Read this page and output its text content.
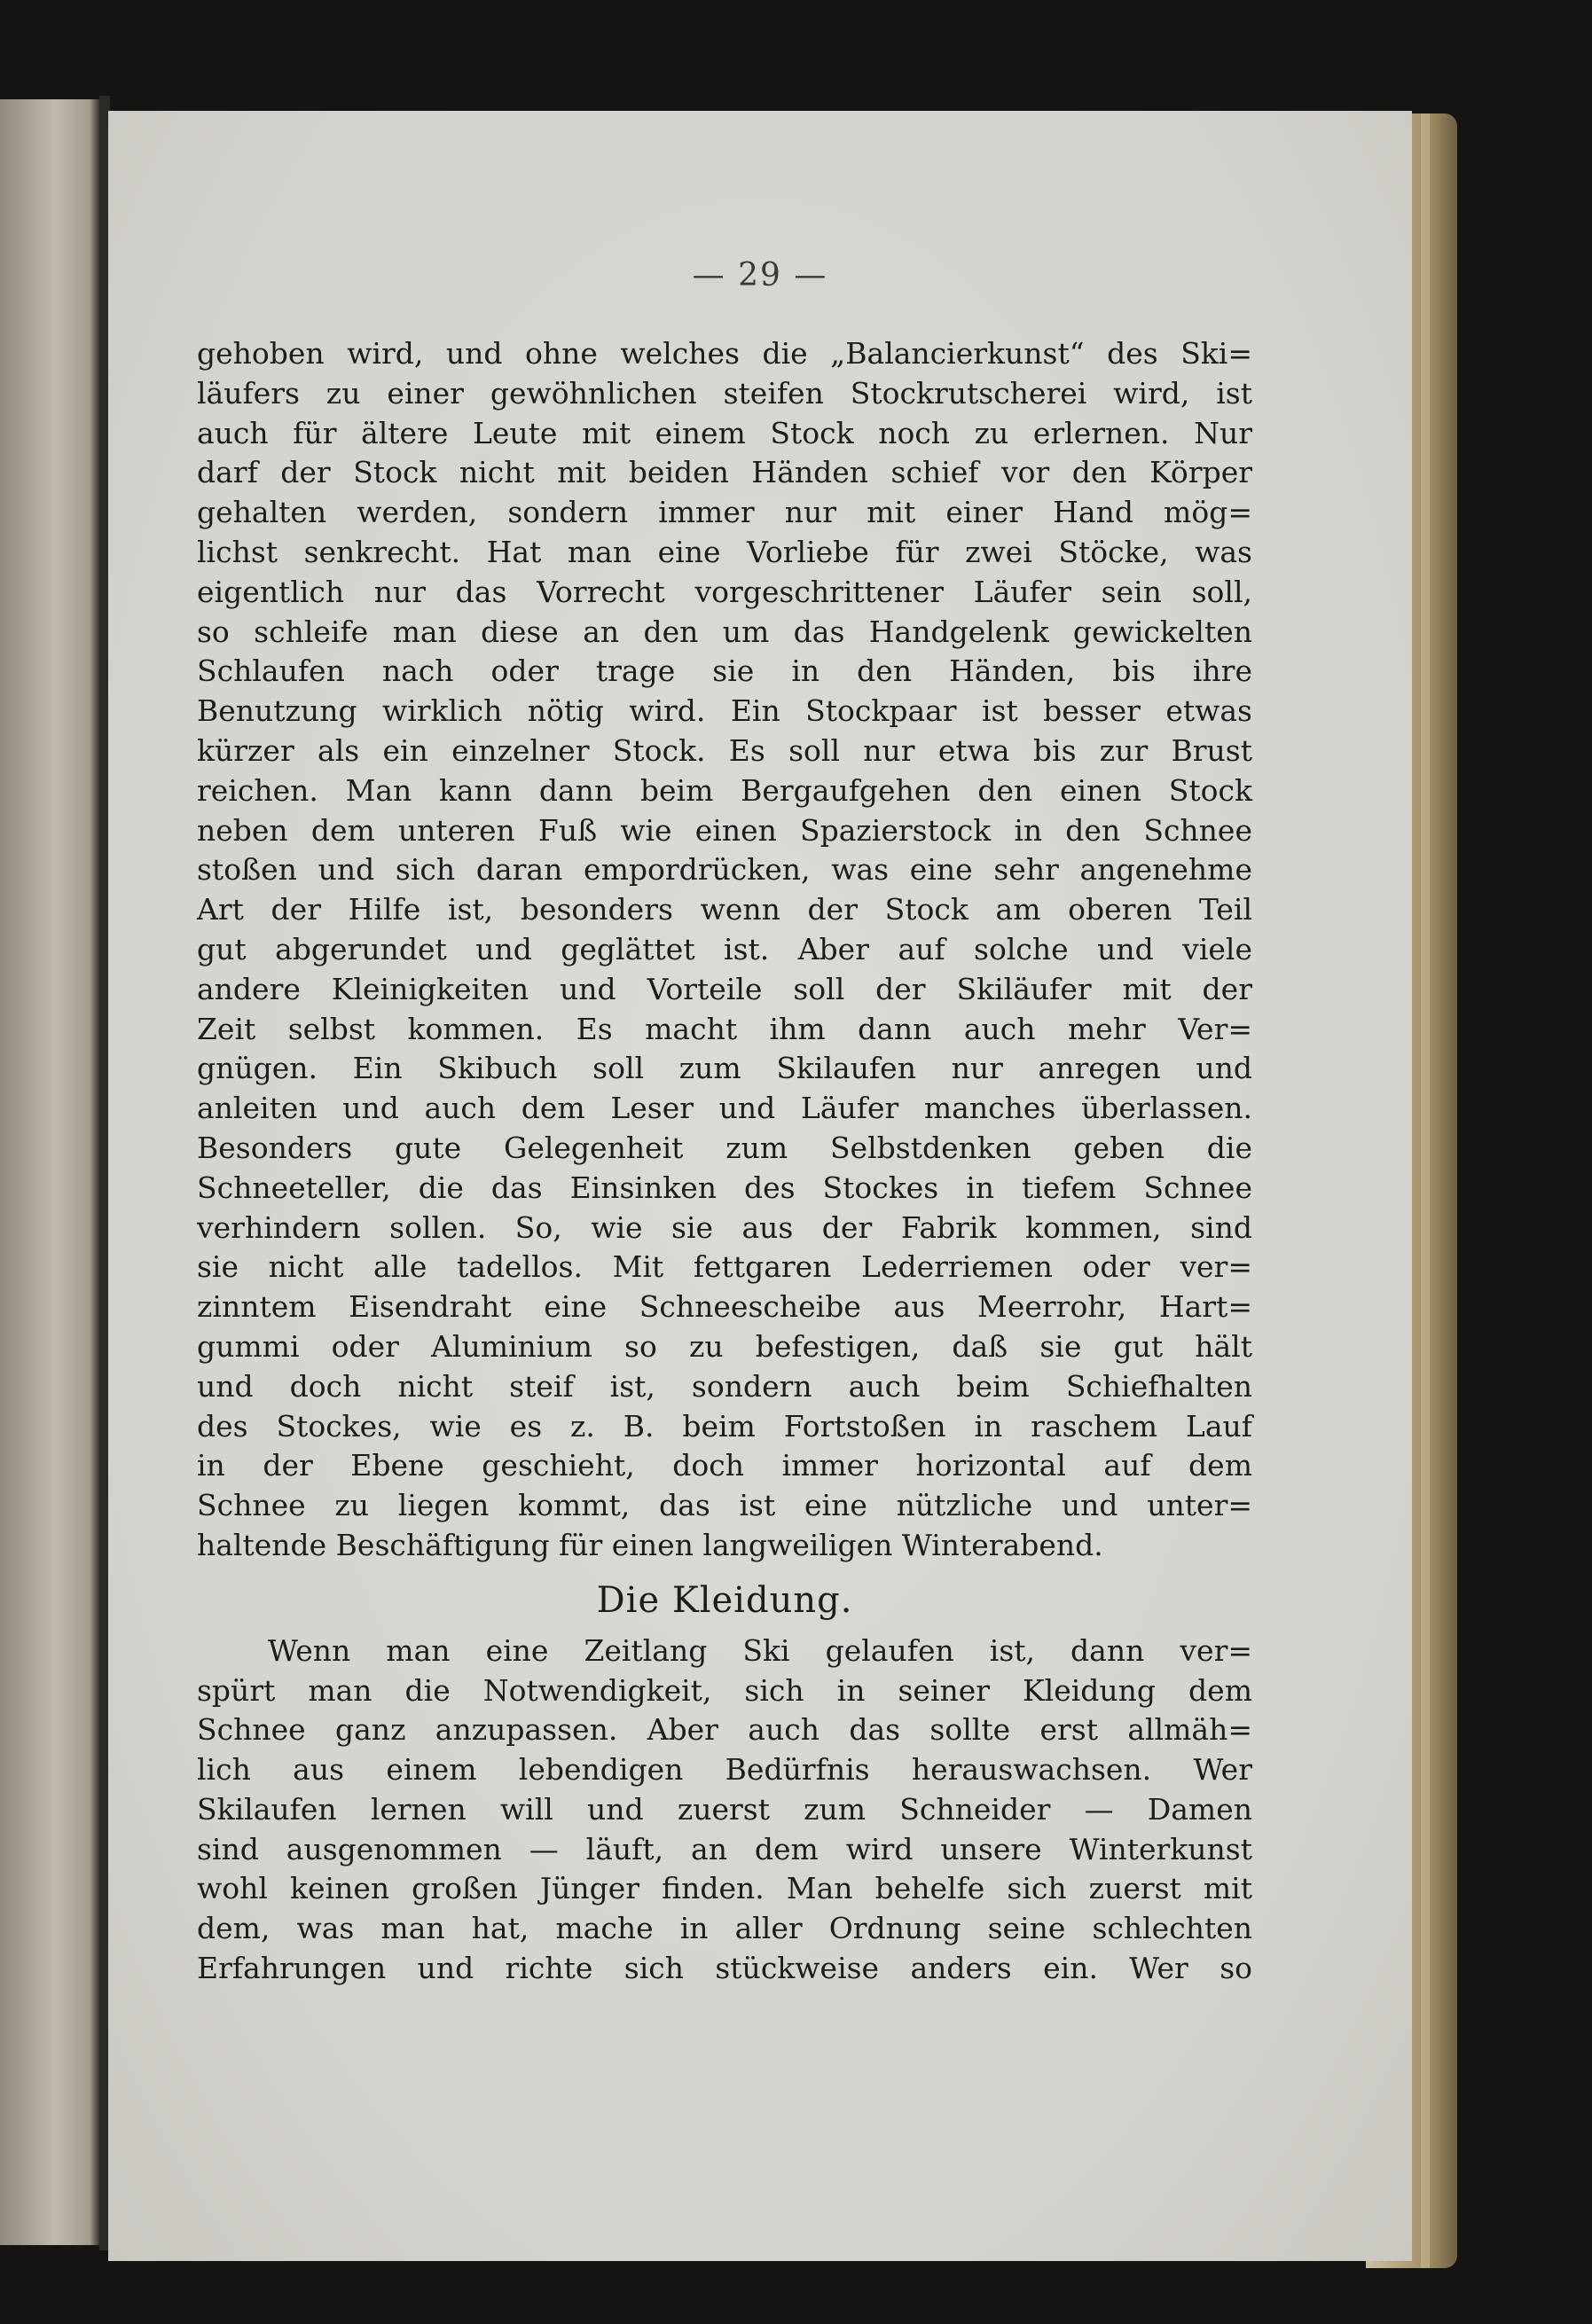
— 29 —
gehoben wird, und ohne welches die „Balancierkunst“ des Ski=
läufers zu einer gewöhnlichen steifen Stockrutscherei wird, ist
auch für ältere Leute mit einem Stock noch zu erlernen. Nur
darf der Stock nicht mit beiden Händen schief vor den Körper
gehalten werden, sondern immer nur mit einer Hand mög=
lichst senkrecht. Hat man eine Vorliebe für zwei Stöcke, was
eigentlich nur das Vorrecht vorgeschrittener Läufer sein soll,
so schleife man diese an den um das Handgelenk gewickelten
Schlaufen nach oder trage sie in den Händen, bis ihre
Benutzung wirklich nötig wird. Ein Stockpaar ist besser etwas
kürzer als ein einzelner Stock. Es soll nur etwa bis zur Brust
reichen. Man kann dann beim Bergaufgehen den einen Stock
neben dem unteren Fuß wie einen Spazierstock in den Schnee
stoßen und sich daran empordrücken, was eine sehr angenehme
Art der Hilfe ist, besonders wenn der Stock am oberen Teil
gut abgerundet und geglättet ist. Aber auf solche und viele
andere Kleinigkeiten und Vorteile soll der Skiläufer mit der
Zeit selbst kommen. Es macht ihm dann auch mehr Ver=
gnügen. Ein Skibuch soll zum Skilaufen nur anregen und
anleiten und auch dem Leser und Läufer manches überlassen.
Besonders gute Gelegenheit zum Selbstdenken geben die
Schneeteller, die das Einsinken des Stockes in tiefem Schnee
verhindern sollen. So, wie sie aus der Fabrik kommen, sind
sie nicht alle tadellos. Mit fettgaren Lederriemen oder ver=
zinntem Eisendraht eine Schneescheibe aus Meerrohr, Hart=
gummi oder Aluminium so zu befestigen, daß sie gut hält
und doch nicht steif ist, sondern auch beim Schiefhalten
des Stockes, wie es z. B. beim Fortstoßen in raschem Lauf
in der Ebene geschieht, doch immer horizontal auf dem
Schnee zu liegen kommt, das ist eine nützliche und unter=
haltende Beschäftigung für einen langweiligen Winterabend.
Die Kleidung.
Wenn man eine Zeitlang Ski gelaufen ist, dann ver=
spürt man die Notwendigkeit, sich in seiner Kleidung dem
Schnee ganz anzupassen. Aber auch das sollte erst allmäh=
lich aus einem lebendigen Bedürfnis herauswachsen. Wer
Skilaufen lernen will und zuerst zum Schneider — Damen
sind ausgenommen — läuft, an dem wird unsere Winterkunst
wohl keinen großen Jünger finden. Man behelfe sich zuerst mit
dem, was man hat, mache in aller Ordnung seine schlechten
Erfahrungen und richte sich stückweise anders ein. Wer so
